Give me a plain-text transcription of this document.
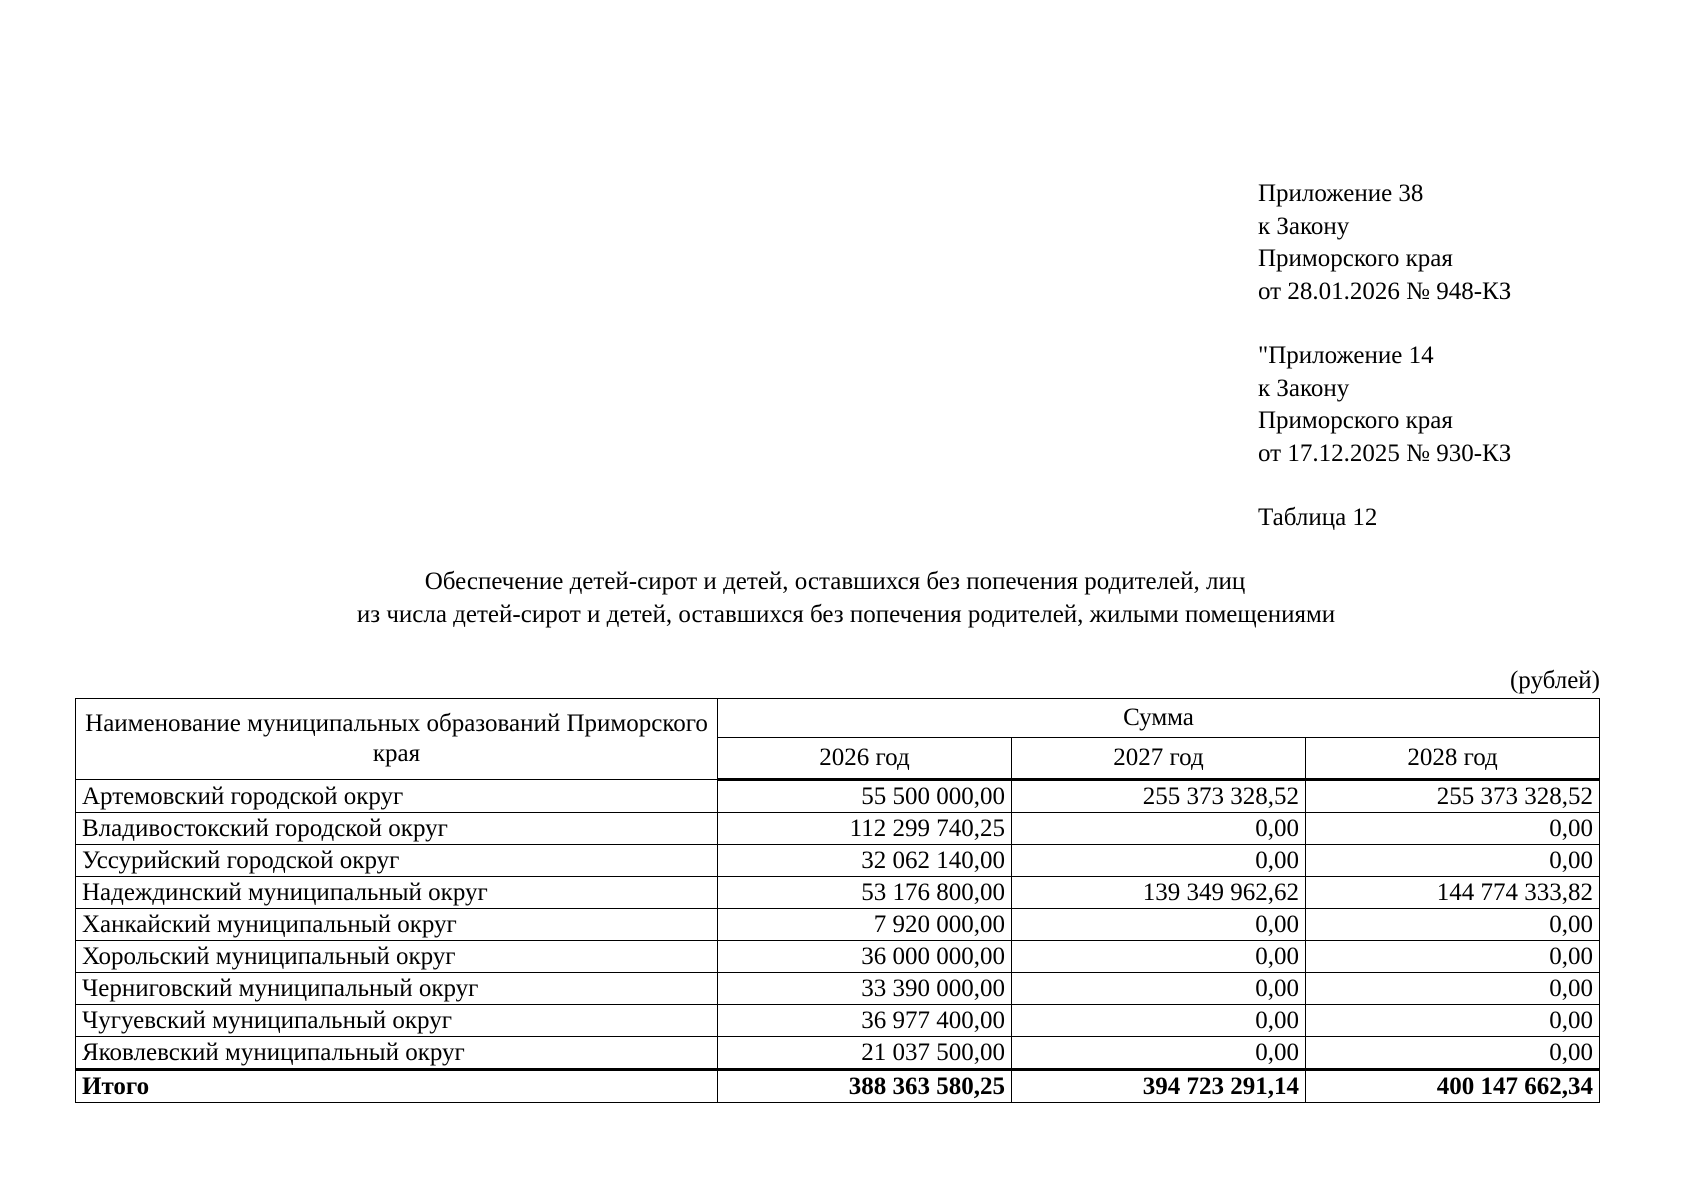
Приложение 38
к Закону
Приморского края
от 28.01.2026 № 948-КЗ
"Приложение 14
к Закону
Приморского края
от 17.12.2025 № 930-КЗ
Таблица 12
Обеспечение детей-сирот и детей, оставшихся без попечения родителей, лиц
из числа детей-сирот и детей, оставшихся без попечения родителей, жилыми помещениями
(рублей)
Наименование муниципальных образований Приморского края	Сумма		
	2026 год	2027 год	2028 год
Артемовский городской округ	55 500 000,00	255 373 328,52	255 373 328,52
Владивостокский городской округ	112 299 740,25	0,00	0,00
Уссурийский городской округ	32 062 140,00	0,00	0,00
Надеждинский муниципальный округ	53 176 800,00	139 349 962,62	144 774 333,82
Ханкайский муниципальный округ	7 920 000,00	0,00	0,00
Хорольский муниципальный округ	36 000 000,00	0,00	0,00
Черниговский муниципальный округ	33 390 000,00	0,00	0,00
Чугуевский муниципальный округ	36 977 400,00	0,00	0,00
Яковлевский муниципальный округ	21 037 500,00	0,00	0,00
Итого	388 363 580,25	394 723 291,14	400 147 662,34
